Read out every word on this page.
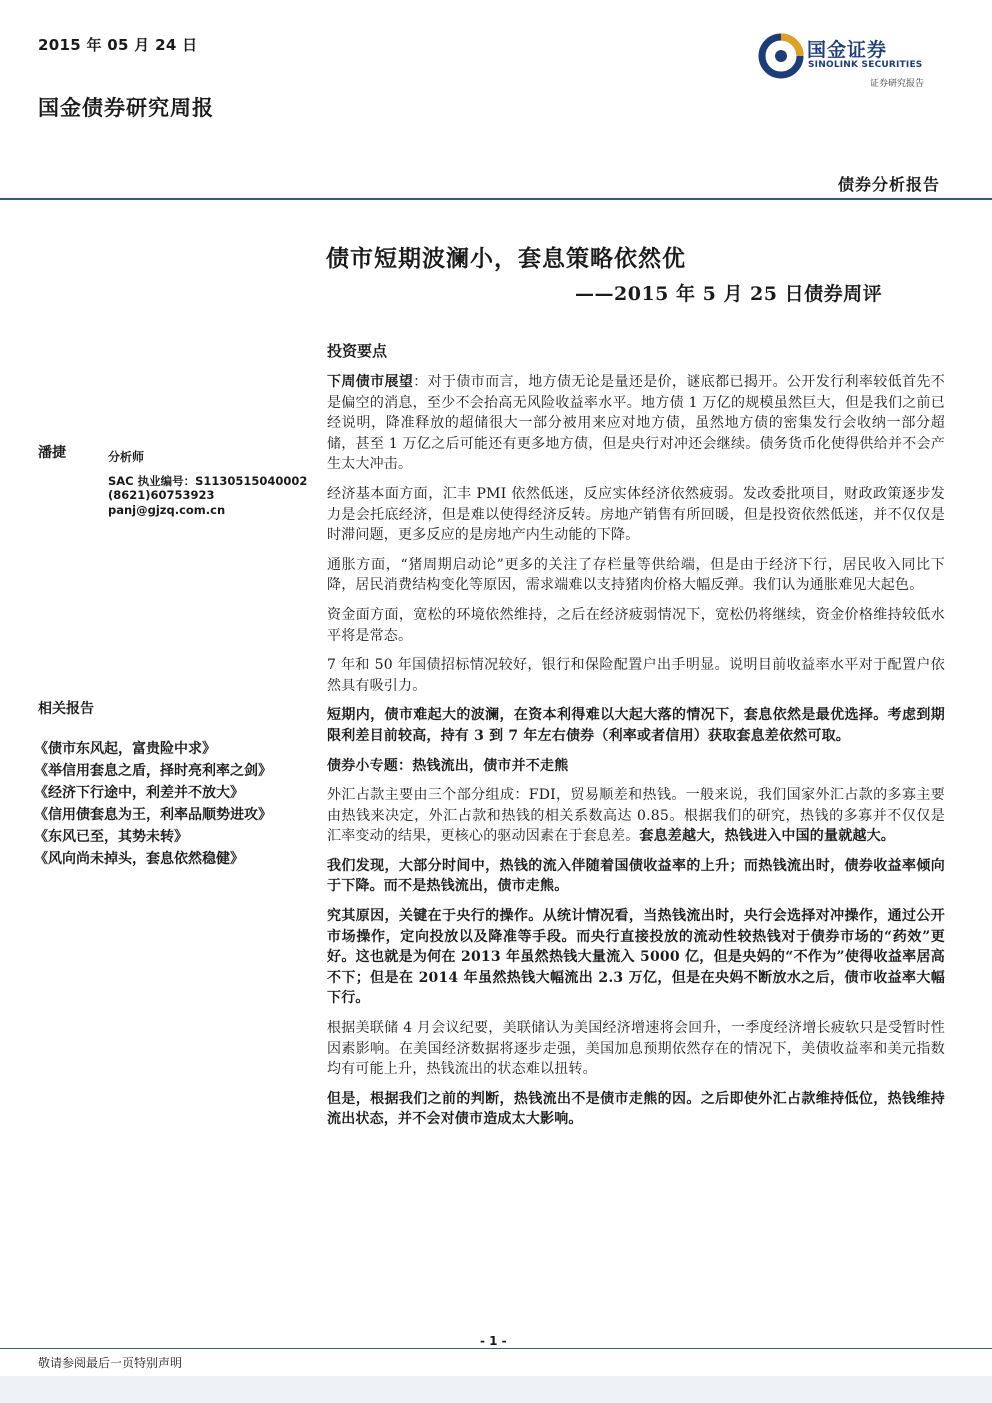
2015 年 05 月 24 日
国金债券研究周报
国金证券
SINOLINK SECURITIES
证券研究报告
债券分析报告
债市短期波澜小，套息策略依然优
——2015 年 5 月 25 日债券周评
潘捷	分析师
SAC 执业编号：S1130515040002
(8621)60753923
panj@gjzq.com.cn
相关报告
《债市东风起，富贵险中求》
《举信用套息之盾，择时亮利率之剑》
《经济下行途中，利差并不放大》
《信用债套息为王，利率品顺势进攻》
《东风已至，其势未转》
《风向尚未掉头，套息依然稳健》
投资要点

下周债市展望：对于债市而言，地方债无论是量还是价，谜底都已揭开。公开发行利率较低首先不是偏空的消息，至少不会抬高无风险收益率水平。地方债 1 万亿的规模虽然巨大，但是我们之前已经说明，降准释放的超储很大一部分被用来应对地方债，虽然地方债的密集发行会收纳一部分超储，甚至 1 万亿之后可能还有更多地方债，但是央行对冲还会继续。债务货币化使得供给并不会产生太大冲击。

经济基本面方面，汇丰 PMI 依然低迷，反应实体经济依然疲弱。发改委批项目，财政政策逐步发力是会托底经济，但是难以使得经济反转。房地产销售有所回暖，但是投资依然低迷，并不仅仅是时滞问题，更多反应的是房地产内生动能的下降。

通胀方面，“猪周期启动论”更多的关注了存栏量等供给端，但是由于经济下行，居民收入同比下降，居民消费结构变化等原因，需求端难以支持猪肉价格大幅反弹。我们认为通胀难见大起色。

资金面方面，宽松的环境依然维持，之后在经济疲弱情况下，宽松仍将继续，资金价格维持较低水平将是常态。

7 年和 50 年国债招标情况较好，银行和保险配置户出手明显。说明目前收益率水平对于配置户依然具有吸引力。

短期内，债市难起大的波澜，在资本利得难以大起大落的情况下，套息依然是最优选择。考虑到期限利差目前较高，持有 3 到 7 年左右债券（利率或者信用）获取套息差依然可取。

债券小专题：热钱流出，债市并不走熊

外汇占款主要由三个部分组成：FDI，贸易顺差和热钱。一般来说，我们国家外汇占款的多寡主要由热钱来决定，外汇占款和热钱的相关系数高达 0.85。根据我们的研究，热钱的多寡并不仅仅是汇率变动的结果，更核心的驱动因素在于套息差。套息差越大，热钱进入中国的量就越大。

我们发现，大部分时间中，热钱的流入伴随着国债收益率的上升；而热钱流出时，债券收益率倾向于下降。而不是热钱流出，债市走熊。

究其原因，关键在于央行的操作。从统计情况看，当热钱流出时，央行会选择对冲操作，通过公开市场操作，定向投放以及降准等手段。而央行直接投放的流动性较热钱对于债券市场的“药效”更好。这也就是为何在 2013 年虽然热钱大量流入 5000 亿，但是央妈的“不作为”使得收益率居高不下；但是在 2014 年虽然热钱大幅流出 2.3 万亿，但是在央妈不断放水之后，债市收益率大幅下行。

根据美联储 4 月会议纪要，美联储认为美国经济增速将会回升，一季度经济增长疲软只是受暂时性因素影响。在美国经济数据将逐步走强，美国加息预期依然存在的情况下，美债收益率和美元指数均有可能上升，热钱流出的状态难以扭转。

但是，根据我们之前的判断，热钱流出不是债市走熊的因。之后即使外汇占款维持低位，热钱维持流出状态，并不会对债市造成太大影响。

- 1 -
敬请参阅最后一页特别声明
